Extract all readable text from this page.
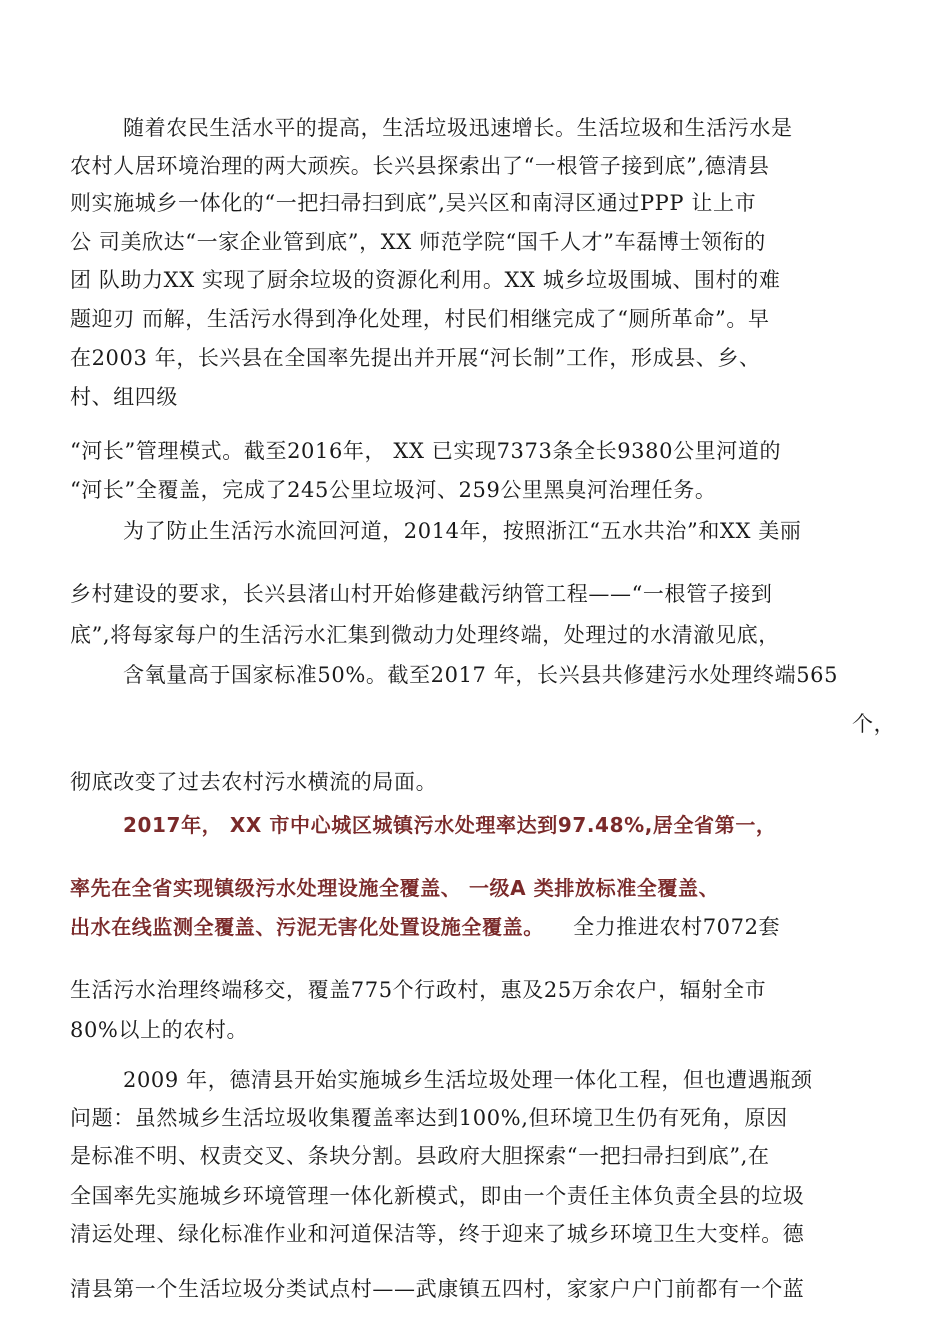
随着农民生活水平的提高，生活垃圾迅速增长。生活垃圾和生活污水是
农村人居环境治理的两大顽疾。长兴县探索出了“一根管子接到底”,德清县
则实施城乡一体化的“一把扫帚扫到底”,吴兴区和南浔区通过PPP 让上市
公 司美欣达“一家企业管到底”，XX 师范学院“国千人才”车磊博士领衔的
团 队助力XX 实现了厨余垃圾的资源化利用。XX 城乡垃圾围城、围村的难
题迎刃 而解，生活污水得到净化处理，村民们相继完成了“厕所革命”。早
在2003 年，长兴县在全国率先提出并开展“河长制”工作，形成县、乡、
村、组四级
“河长”管理模式。截至2016年， XX 已实现7373条全长9380公里河道的
“河长”全覆盖，完成了245公里垃圾河、259公里黑臭河治理任务。
为了防止生活污水流回河道，2014年，按照浙江“五水共治”和XX 美丽
乡村建设的要求，长兴县渚山村开始修建截污纳管工程——“一根管子接到
底”,将每家每户的生活污水汇集到微动力处理终端，处理过的水清澈见底，
含氧量高于国家标准50%。截至2017 年，长兴县共修建污水处理终端565
个，
彻底改变了过去农村污水横流的局面。
2017年， XX 市中心城区城镇污水处理率达到97.48%,居全省第一，
率先在全省实现镇级污水处理设施全覆盖、 一级A 类排放标准全覆盖、
出水在线监测全覆盖、污泥无害化处置设施全覆盖。 全力推进农村7072套
生活污水治理终端移交，覆盖775个行政村，惠及25万余农户，辐射全市
80%以上的农村。
2009 年，德清县开始实施城乡生活垃圾处理一体化工程，但也遭遇瓶颈
问题：虽然城乡生活垃圾收集覆盖率达到100%,但环境卫生仍有死角，原因
是标准不明、权责交叉、条块分割。县政府大胆探索“一把扫帚扫到底”,在
全国率先实施城乡环境管理一体化新模式，即由一个责任主体负责全县的垃圾
清运处理、绿化标准作业和河道保洁等，终于迎来了城乡环境卫生大变样。德
清县第一个生活垃圾分类试点村——武康镇五四村，家家户户门前都有一个蓝
